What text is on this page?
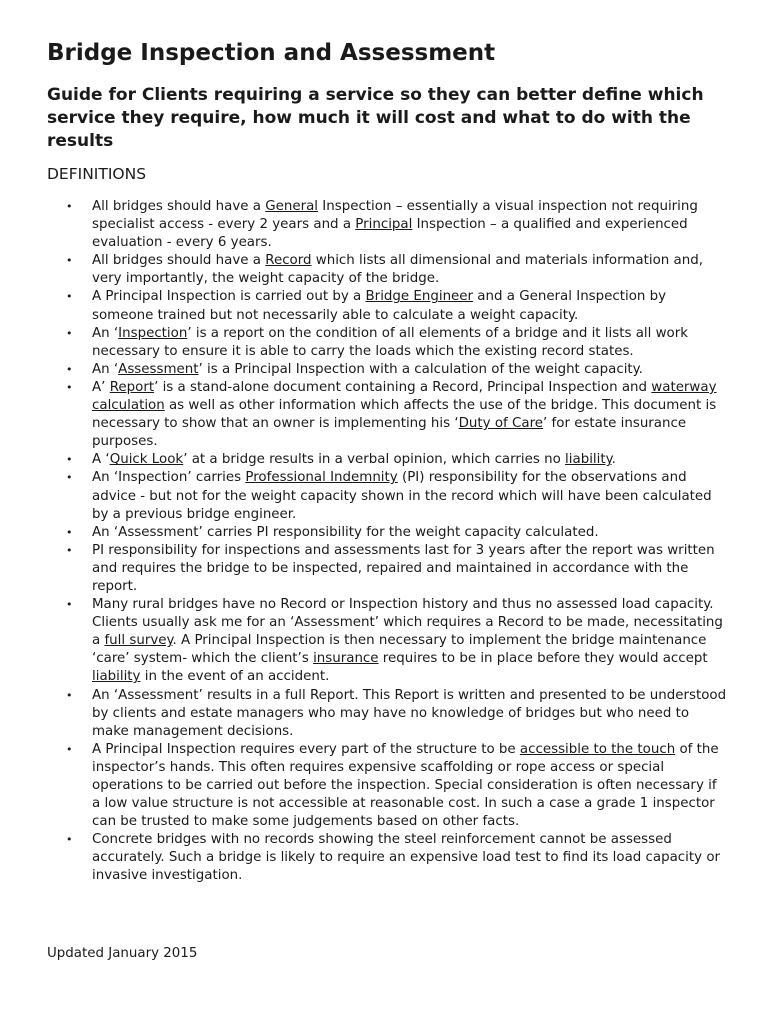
Bridge Inspection and Assessment
Guide for Clients requiring a service so they can better define which service they require, how much it will cost and what to do with the results
DEFINITIONS
• All bridges should have a General Inspection – essentially a visual inspection not requiring specialist access - every 2 years and a Principal Inspection – a qualified and experienced evaluation - every 6 years.
• All bridges should have a Record which lists all dimensional and materials information and, very importantly, the weight capacity of the bridge.
• A Principal Inspection is carried out by a Bridge Engineer and a General Inspection by someone trained but not necessarily able to calculate a weight capacity.
• An ‘Inspection’ is a report on the condition of all elements of a bridge and it lists all work necessary to ensure it is able to carry the loads which the existing record states.
• An ‘Assessment’ is a Principal Inspection with a calculation of the weight capacity.
• A’ Report’ is a stand-alone document containing a Record, Principal Inspection and waterway calculation as well as other information which affects the use of the bridge. This document is necessary to show that an owner is implementing his ‘Duty of Care’ for estate insurance purposes.
• A ‘Quick Look’ at a bridge results in a verbal opinion, which carries no liability.
• An ‘Inspection’ carries Professional Indemnity (PI) responsibility for the observations and advice - but not for the weight capacity shown in the record which will have been calculated by a previous bridge engineer.
• An ‘Assessment’ carries PI responsibility for the weight capacity calculated.
• PI responsibility for inspections and assessments last for 3 years after the report was written and requires the bridge to be inspected, repaired and maintained in accordance with the report.
• Many rural bridges have no Record or Inspection history and thus no assessed load capacity. Clients usually ask me for an ‘Assessment’ which requires a Record to be made, necessitating a full survey. A Principal Inspection is then necessary to implement the bridge maintenance ‘care’ system- which the client’s insurance requires to be in place before they would accept liability in the event of an accident.
• An ‘Assessment’ results in a full Report. This Report is written and presented to be understood by clients and estate managers who may have no knowledge of bridges but who need to make management decisions.
• A Principal Inspection requires every part of the structure to be accessible to the touch of the inspector’s hands. This often requires expensive scaffolding or rope access or special operations to be carried out before the inspection. Special consideration is often necessary if a low value structure is not accessible at reasonable cost. In such a case a grade 1 inspector can be trusted to make some judgements based on other facts.
• Concrete bridges with no records showing the steel reinforcement cannot be assessed accurately. Such a bridge is likely to require an expensive load test to find its load capacity or invasive investigation.
Updated January 2015
